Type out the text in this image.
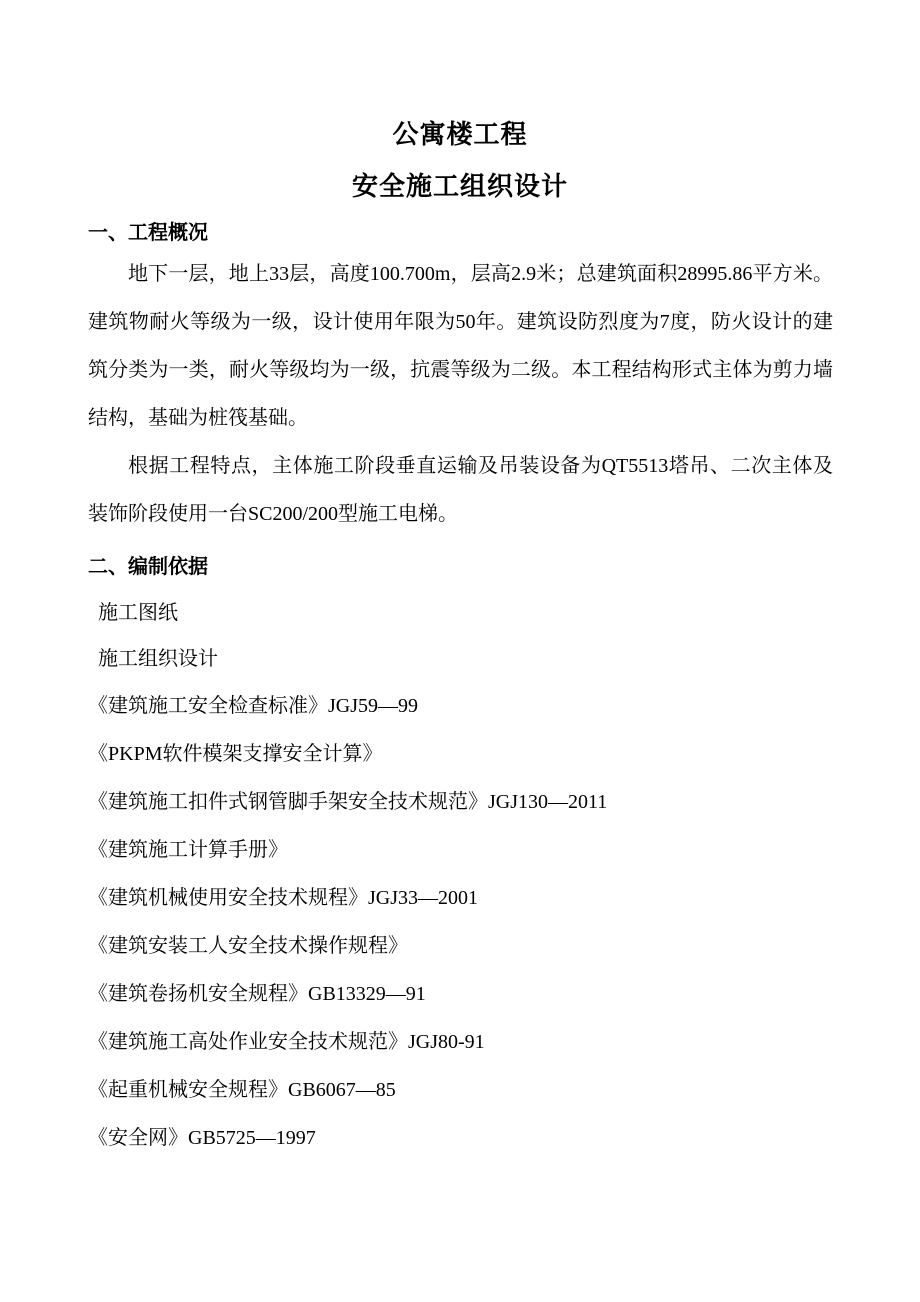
公寓楼工程
安全施工组织设计
一、工程概况

地下一层，地上33层，高度100.700m，层高2.9米；总建筑面积28995.86平方米。建筑物耐火等级为一级，设计使用年限为50年。建筑设防烈度为7度，防火设计的建筑分类为一类，耐火等级均为一级，抗震等级为二级。本工程结构形式主体为剪力墙结构，基础为桩筏基础。

根据工程特点，主体施工阶段垂直运输及吊装设备为QT5513塔吊、二次主体及装饰阶段使用一台SC200/200型施工电梯。

二、编制依据
施工图纸
施工组织设计
《建筑施工安全检查标准》JGJ59—99
《PKPM软件模架支撑安全计算》
《建筑施工扣件式钢管脚手架安全技术规范》JGJ130—2011
《建筑施工计算手册》
《建筑机械使用安全技术规程》JGJ33—2001
《建筑安装工人安全技术操作规程》
《建筑卷扬机安全规程》GB13329—91
《建筑施工高处作业安全技术规范》JGJ80-91
《起重机械安全规程》GB6067—85
《安全网》GB5725—1997
